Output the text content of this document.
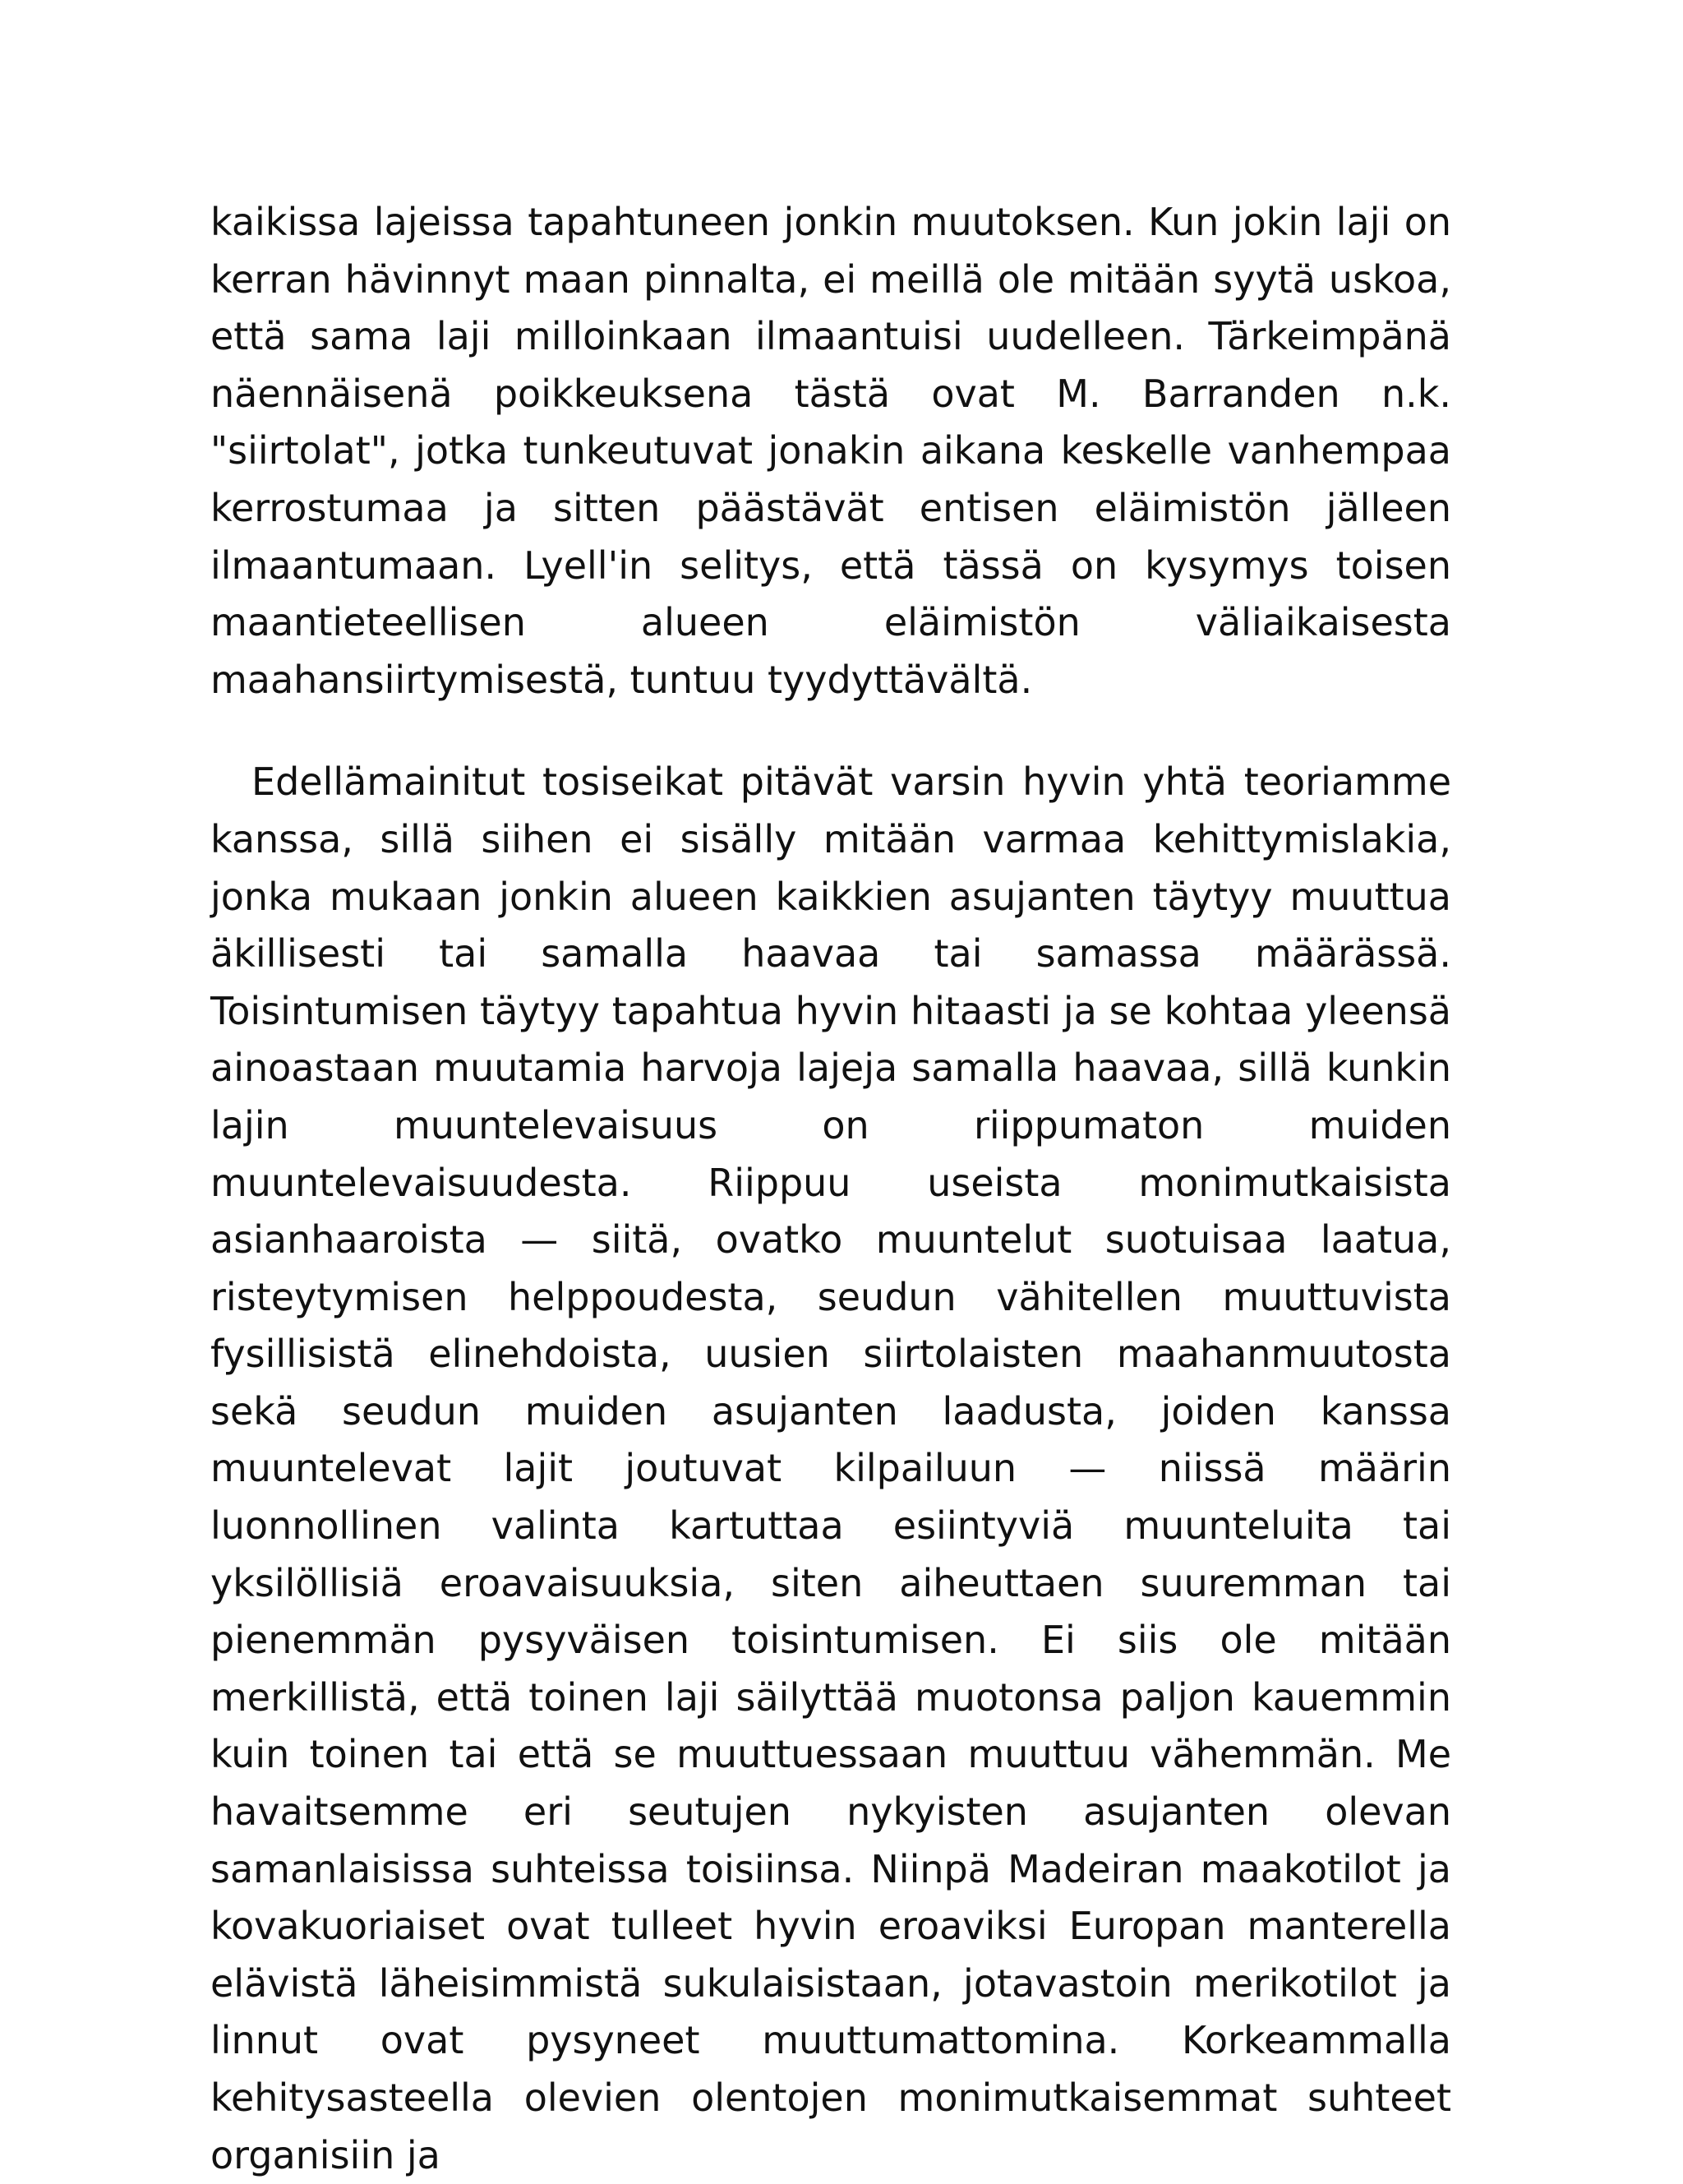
kaikissa lajeissa tapahtuneen jonkin muutoksen. Kun jokin laji on kerran hävinnyt maan pinnalta, ei meillä ole mitään syytä uskoa, että sama laji milloinkaan ilmaantuisi uudelleen. Tärkeimpänä näennäisenä poikkeuksena tästä ovat M. Barranden n.k. "siirtolat", jotka tunkeutuvat jonakin aikana keskelle vanhempaa kerrostumaa ja sitten päästävät entisen eläimistön jälleen ilmaantumaan. Lyell'in selitys, että tässä on kysymys toisen maantieteellisen alueen eläimistön väliaikaisesta maahansiirtymisestä, tuntuu tyydyttävältä.

Edellämainitut tosiseikat pitävät varsin hyvin yhtä teoriamme kanssa, sillä siihen ei sisälly mitään varmaa kehittymislakia, jonka mukaan jonkin alueen kaikkien asujanten täytyy muuttua äkillisesti tai samalla haavaa tai samassa määrässä. Toisintumisen täytyy tapahtua hyvin hitaasti ja se kohtaa yleensä ainoastaan muutamia harvoja lajeja samalla haavaa, sillä kunkin lajin muuntelevaisuus on riippumaton muiden muuntelevaisuudesta. Riippuu useista monimutkaisista asianhaaroista — siitä, ovatko muuntelut suotuisaa laatua, risteytymisen helppoudesta, seudun vähitellen muuttuvista fysillisistä elinehdoista, uusien siirtolaisten maahanmuutosta sekä seudun muiden asujanten laadusta, joiden kanssa muuntelevat lajit joutuvat kilpailuun — niissä määrin luonnollinen valinta kartuttaa esiintyviä muunteluita tai yksilöllisiä eroavaisuuksia, siten aiheuttaen suuremman tai pienemmän pysyväisen toisintumisen. Ei siis ole mitään merkillistä, että toinen laji säilyttää muotonsa paljon kauemmin kuin toinen tai että se muuttuessaan muuttuu vähemmän. Me havaitsemme eri seutujen nykyisten asujanten olevan samanlaisissa suhteissa toisiinsa. Niinpä Madeiran maakotilot ja kovakuoriaiset ovat tulleet hyvin eroaviksi Europan manterella elävistä läheisimmistä sukulaisistaan, jotavastoin merikotilot ja linnut ovat pysyneet muuttumattomina. Korkeammalla kehitysasteella olevien olentojen monimutkaisemmat suhteet organisiin ja
